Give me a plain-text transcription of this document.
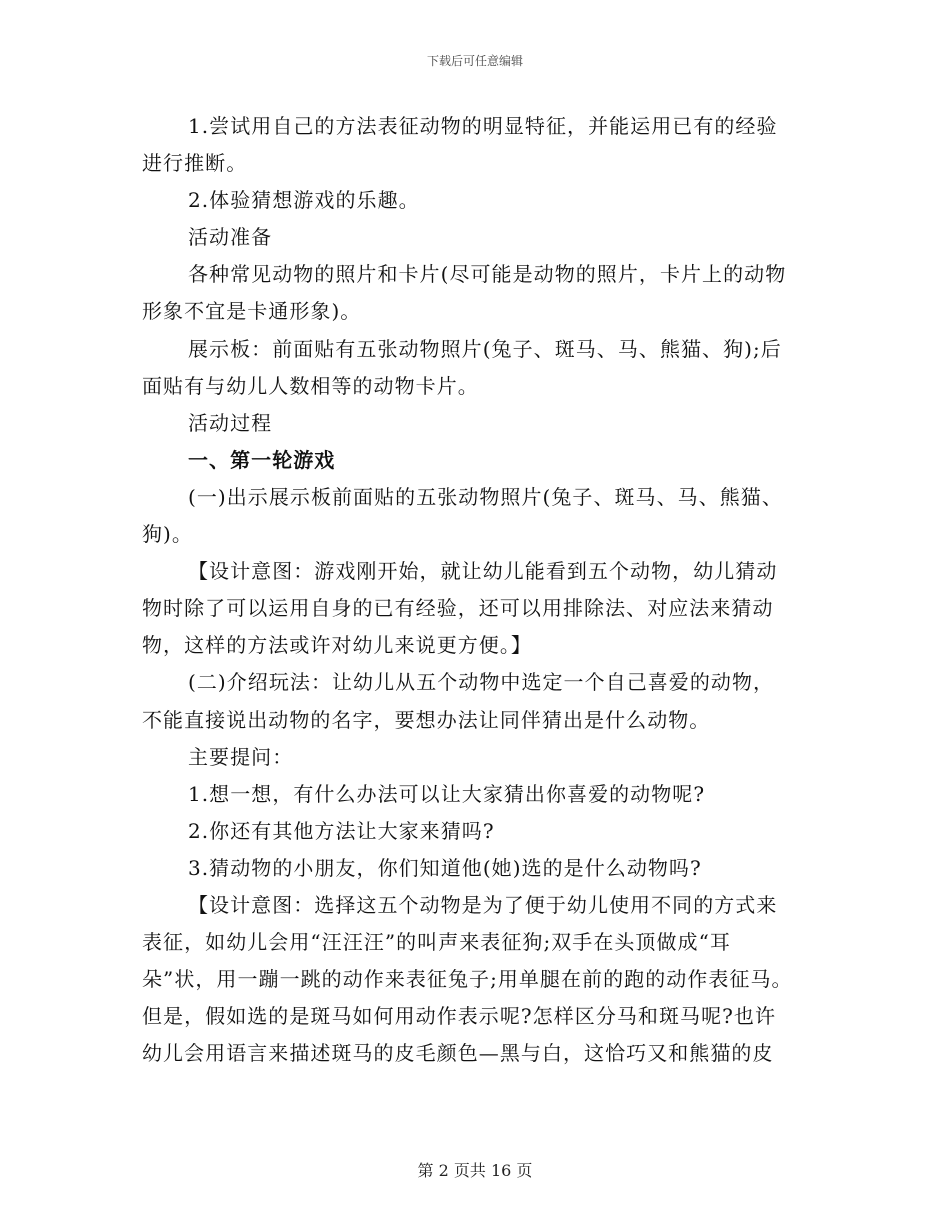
下载后可任意编辑
1.尝试用自己的方法表征动物的明显特征，并能运用已有的经验
进行推断。
2.体验猜想游戏的乐趣。
活动准备
各种常见动物的照片和卡片(尽可能是动物的照片，卡片上的动物
形象不宜是卡通形象)。
展示板：前面贴有五张动物照片(兔子、斑马、马、熊猫、狗);后
面贴有与幼儿人数相等的动物卡片。
活动过程
一、第一轮游戏
(一)出示展示板前面贴的五张动物照片(兔子、斑马、马、熊猫、
狗)。
【设计意图：游戏刚开始，就让幼儿能看到五个动物，幼儿猜动
物时除了可以运用自身的已有经验，还可以用排除法、对应法来猜动
物，这样的方法或许对幼儿来说更方便。】
(二)介绍玩法：让幼儿从五个动物中选定一个自己喜爱的动物，
不能直接说出动物的名字，要想办法让同伴猜出是什么动物。
主要提问：
1.想一想，有什么办法可以让大家猜出你喜爱的动物呢?
2.你还有其他方法让大家来猜吗?
3.猜动物的小朋友，你们知道他(她)选的是什么动物吗?
【设计意图：选择这五个动物是为了便于幼儿使用不同的方式来
表征，如幼儿会用“汪汪汪”的叫声来表征狗;双手在头顶做成“耳
朵”状，用一蹦一跳的动作来表征兔子;用单腿在前的跑的动作表征马。
但是，假如选的是斑马如何用动作表示呢?怎样区分马和斑马呢?也许
幼儿会用语言来描述斑马的皮毛颜色—黑与白，这恰巧又和熊猫的皮
第 2 页共 16 页
